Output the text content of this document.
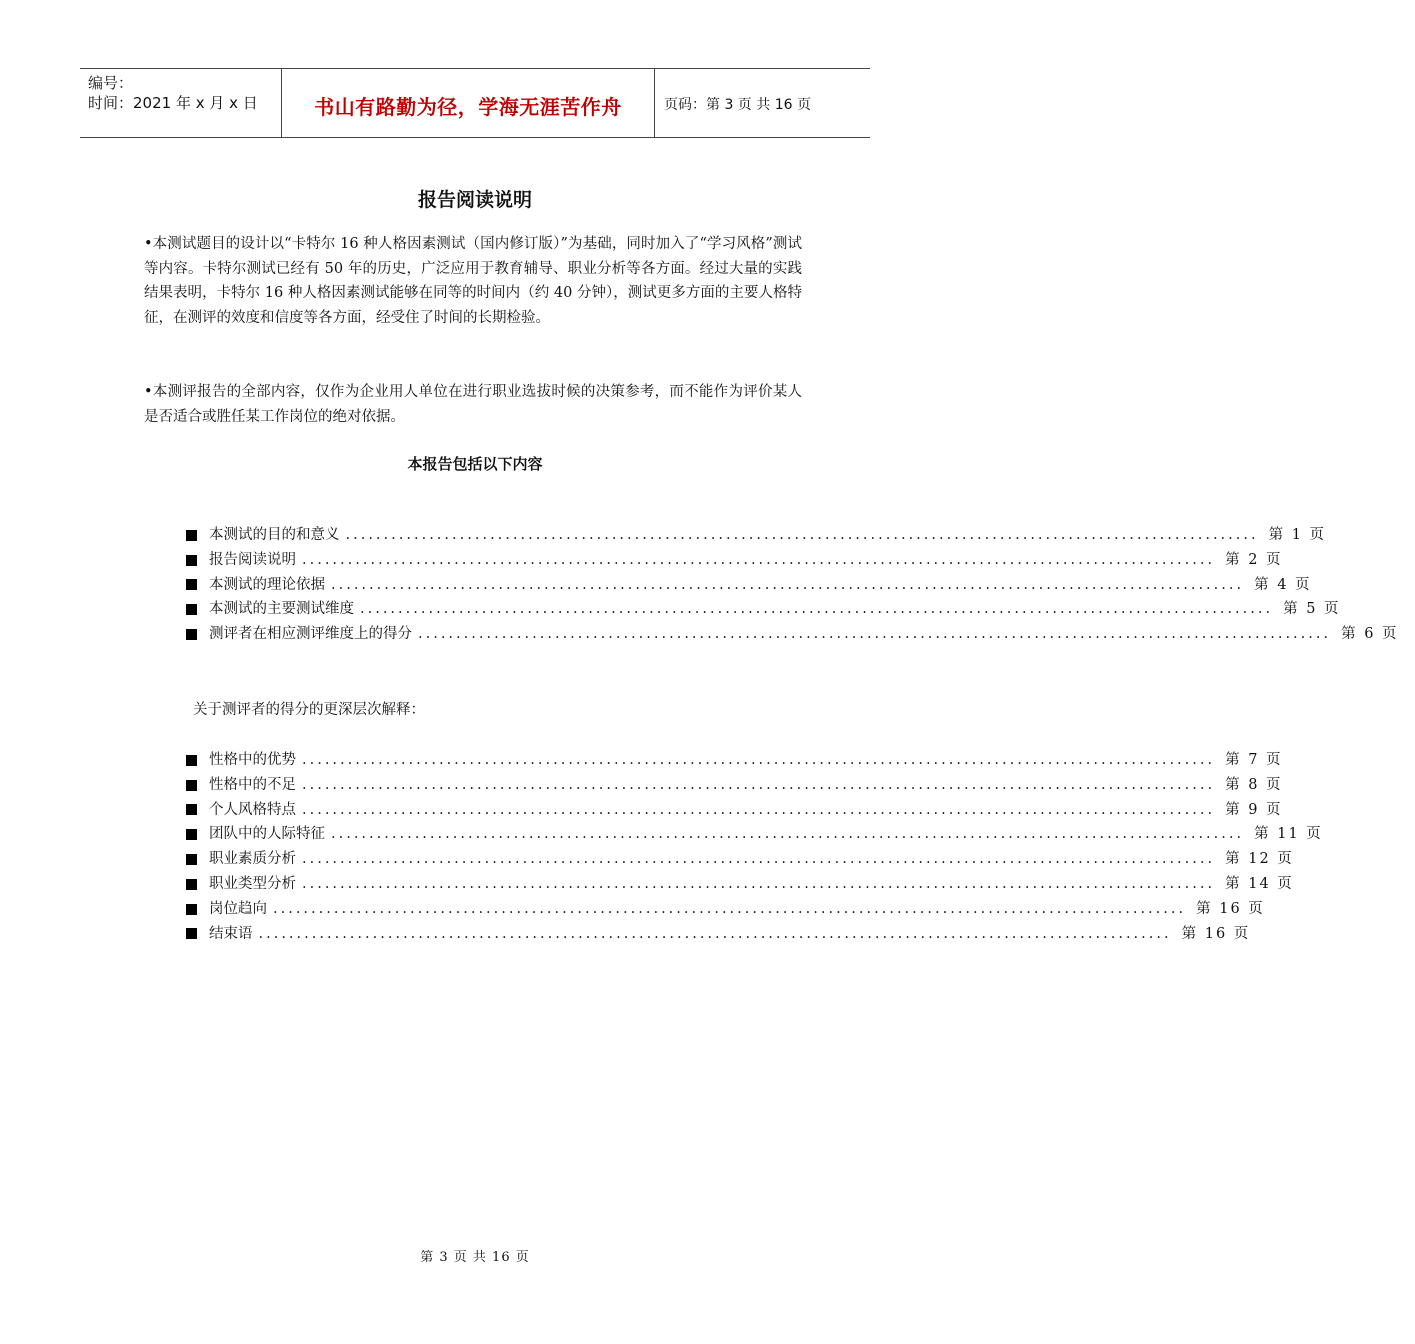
编号：
时间：2021 年 x 月 x 日	书山有路勤为径，学海无涯苦作舟	页码：第 3 页 共 16 页
报告阅读说明

•本测试题目的设计以“卡特尔 16 种人格因素测试（国内修订版）”为基础，同时加入了“学习风格”测试等内容。卡特尔测试已经有 50 年的历史，广泛应用于教育辅导、职业分析等各方面。经过大量的实践结果表明，卡特尔 16 种人格因素测试能够在同等的时间内（约 40 分钟），测试更多方面的主要人格特征，在测评的效度和信度等各方面，经受住了时间的长期检验。

•本测评报告的全部内容，仅作为企业用人单位在进行职业选拔时候的决策参考，而不能作为评价某人是否适合或胜任某工作岗位的绝对依据。

本报告包括以下内容
本测试的目的和意义 ........................................................................................................................ 第 1 页
报告阅读说明 ........................................................................................................................ 第 2 页
本测试的理论依据 ........................................................................................................................ 第 4 页
本测试的主要测试维度 ........................................................................................................................ 第 5 页
测评者在相应测评维度上的得分 ........................................................................................................................ 第 6 页
关于测评者的得分的更深层次解释：
性格中的优势 ........................................................................................................................ 第 7 页
性格中的不足 ........................................................................................................................ 第 8 页
个人风格特点 ........................................................................................................................ 第 9 页
团队中的人际特征 ........................................................................................................................ 第 11 页
职业素质分析 ........................................................................................................................ 第 12 页
职业类型分析 ........................................................................................................................ 第 14 页
岗位趋向 ........................................................................................................................ 第 16 页
结束语 ........................................................................................................................ 第 16 页
第 3 页 共 16 页
